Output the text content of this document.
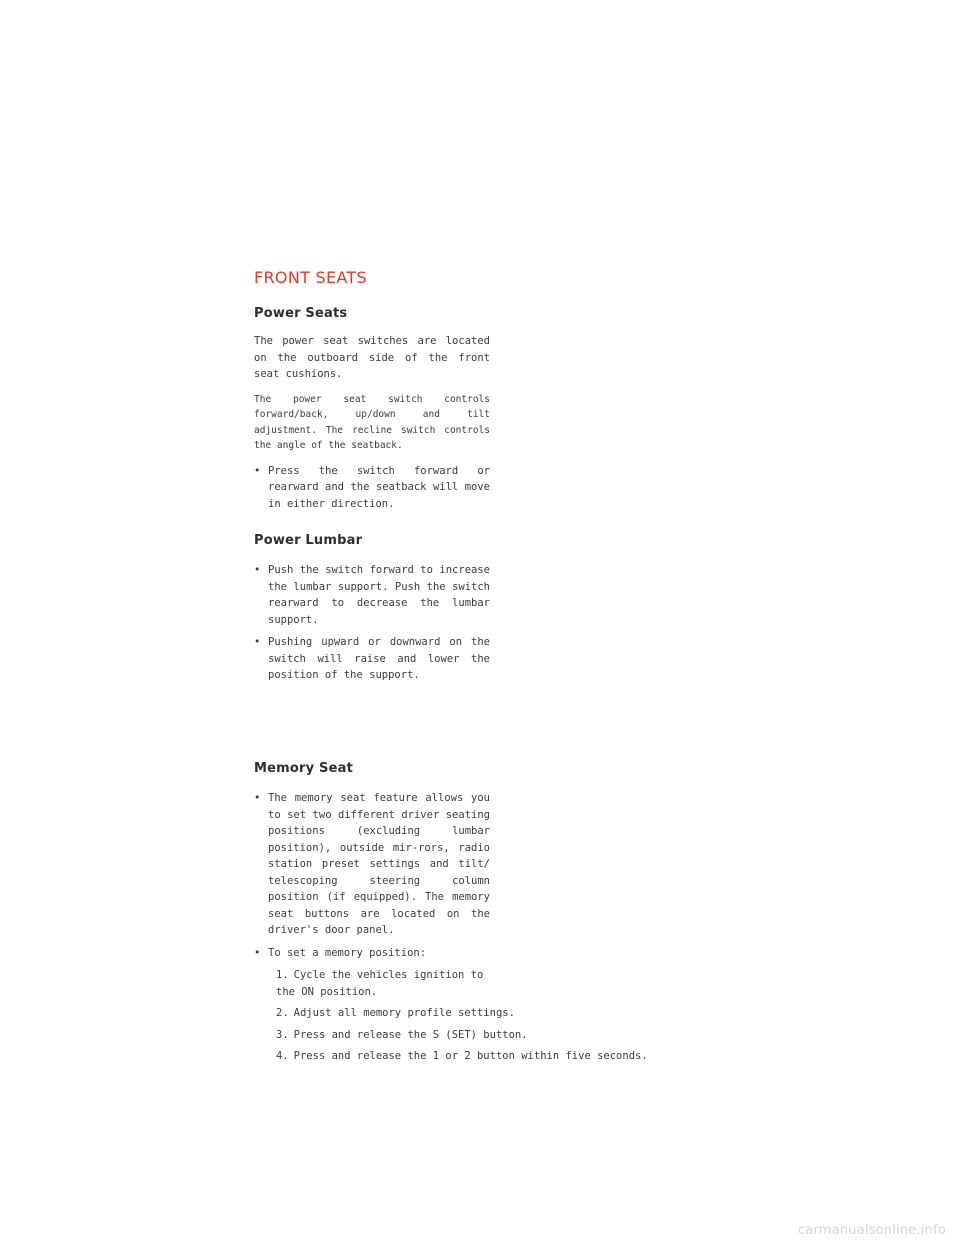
FRONT SEATS
Power Seats

The power seat switches are located on the outboard side of the front seat cushions.

The power seat switch controls forward/back, up/down and tilt adjustment. The recline switch controls the angle of the seatback.

• Press the switch forward or rearward and the seatback will move in either direction.
Power Lumbar
• Push the switch forward to increase the lumbar support. Push the switch rearward to decrease the lumbar support.
• Pushing upward or downward on the switch will raise and lower the position of the support.
Memory Seat
• The memory seat feature allows you to set two different driver seating positions (excluding lumbar position), outside mir-rors, radio station preset settings and tilt/ telescoping steering column position (if equipped). The memory seat buttons are located on the driver's door panel.
• To set a memory position:
1. Cycle the vehicles ignition to the ON position.
2. Adjust all memory profile settings.
3. Press and release the S (SET) button.
4. Press and release the 1 or 2 button within five seconds.
carmanualsonline.info
